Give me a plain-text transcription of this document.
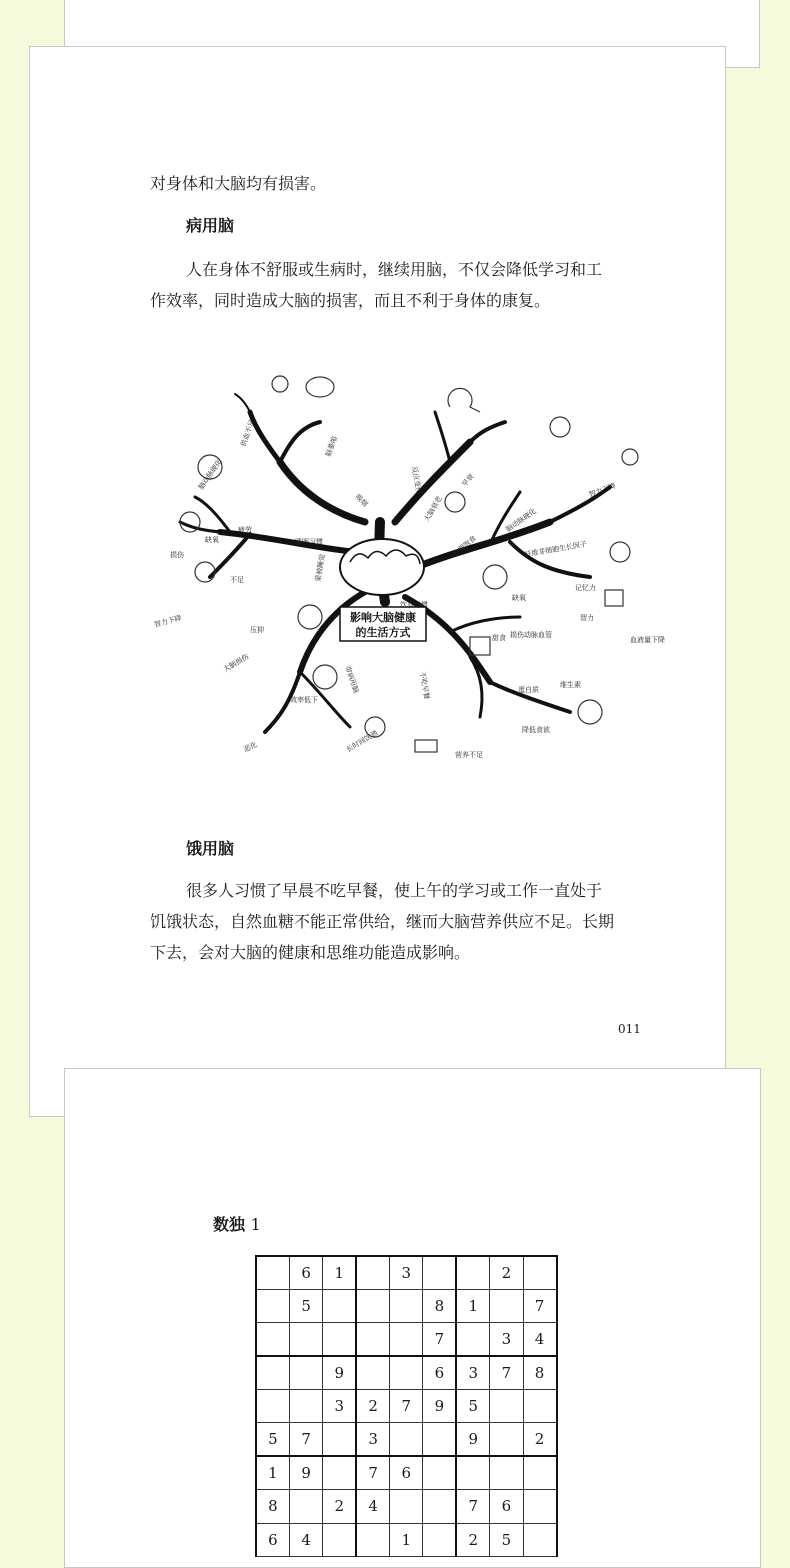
对身体和大脑均有损害。
病用脑
人在身体不舒服或生病时，继续用脑，不仅会降低学习和工
作效率，同时造成大脑的损害，而且不利于身体的康复。
影响大脑健康
的生活方式
脑动脉硬化
供血不足	脑萎缩
吸烟
睡眠习惯
损伤
缺氧
疲劳
不足
智力下降
压抑
蒙被睡觉
大脑损伤
带病用脑
效率低下
恶化	长时间饮酒
反应变慢
大脑衰老
早衰
智力下降
脑动脉硬化
长期饱食	纤维芽细胞生长因子
饮食习惯
缺氧
记忆力
智力
损伤动脉血管
甜食	血液量下降
不吃早餐	蛋白质
维生素
降低食欲
营养不足
饿用脑
很多人习惯了早晨不吃早餐，使上午的学习或工作一直处于
饥饿状态，自然血糖不能正常供给，继而大脑营养供应不足。长期
下去，会对大脑的健康和思维功能造成影响。
011
数独 1
	6	1		3			2	
	5				8	1		7
					7		3	4
		9			6	3	7	8
		3	2	7	9	5		
5	7		3			9		2
1	9		7	6				
8		2	4			7	6	
6	4			1		2	5	
